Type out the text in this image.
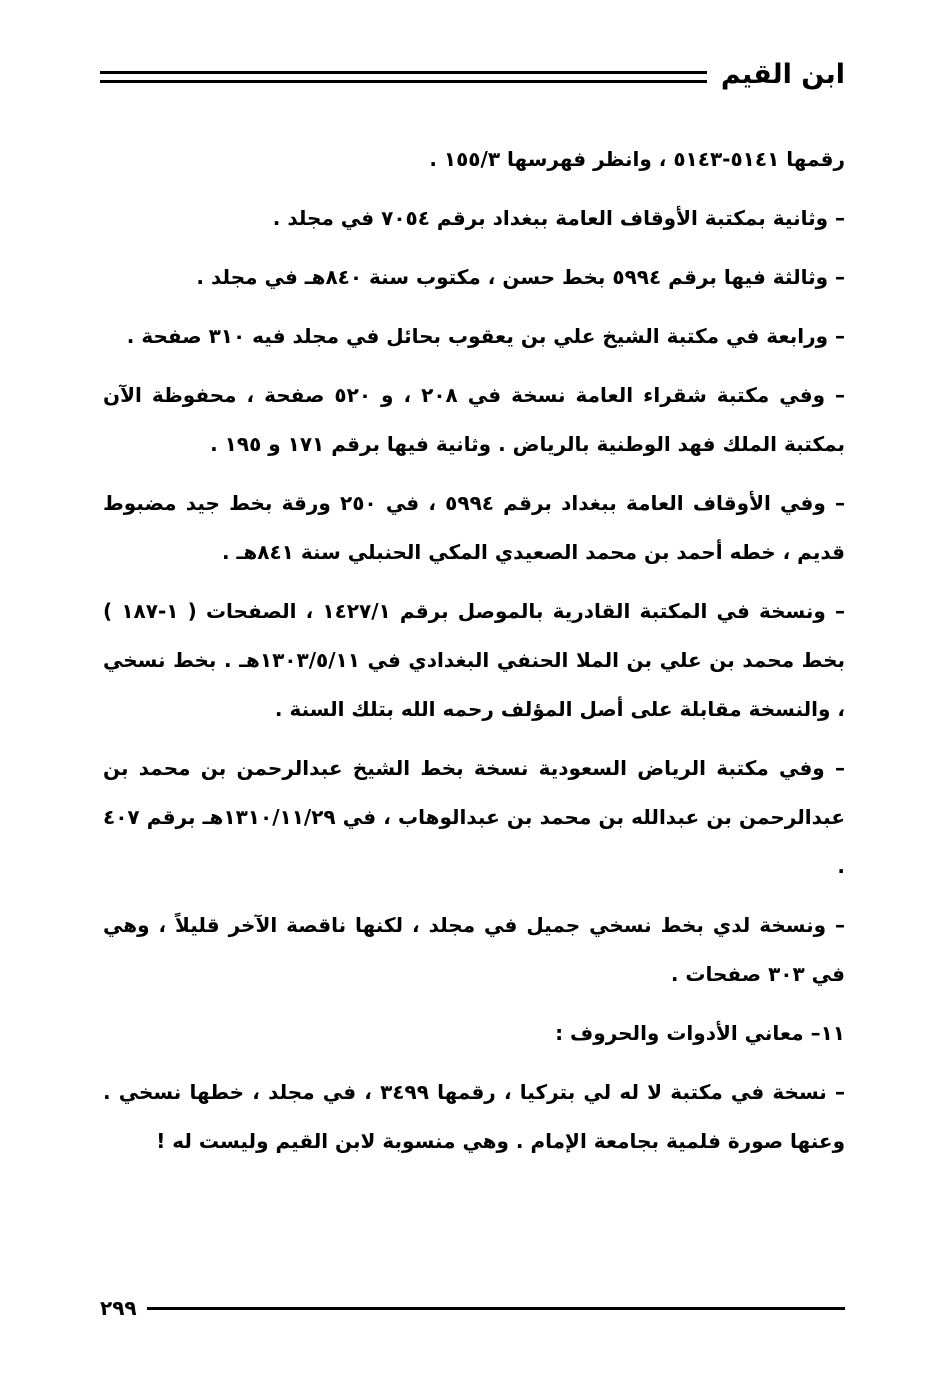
ابن القيم

رقمها ٥١٤١-٥١٤٣ ، وانظر فهرسها ١٥٥/٣ .

– وثانية بمكتبة الأوقاف العامة ببغداد برقم ٧٠٥٤ في مجلد .

– وثالثة فيها برقم ٥٩٩٤ بخط حسن ، مكتوب سنة ٨٤٠هـ في مجلد .

– ورابعة في مكتبة الشيخ علي بن يعقوب بحائل في مجلد فيه ٣١٠ صفحة .

– وفي مكتبة شقراء العامة نسخة في ٢٠٨ ، و ٥٢٠ صفحة ، محفوظة الآن بمكتبة الملك فهد الوطنية بالرياض . وثانية فيها برقم ١٧١ و ١٩٥ .

– وفي الأوقاف العامة ببغداد برقم ٥٩٩٤ ، في ٢٥٠ ورقة بخط جيد مضبوط قديم ، خطه أحمد بن محمد الصعيدي المكي الحنبلي سنة ٨٤١هـ .

– ونسخة في المكتبة القادرية بالموصل برقم ١٤٢٧/١ ، الصفحات ( ١-١٨٧ ) بخط محمد بن علي بن الملا الحنفي البغدادي في ١٣٠٣/٥/١١هـ . بخط نسخي ، والنسخة مقابلة على أصل المؤلف رحمه الله بتلك السنة .

– وفي مكتبة الرياض السعودية نسخة بخط الشيخ عبدالرحمن بن محمد بن عبدالرحمن بن عبدالله بن محمد بن عبدالوهاب ، في ١٣١٠/١١/٢٩هـ برقم ٤٠٧ .

– ونسخة لدي بخط نسخي جميل في مجلد ، لكنها ناقصة الآخر قليلاً ، وهي في ٣٠٣ صفحات .

١١– معاني الأدوات والحروف :

– نسخة في مكتبة لا له لي بتركيا ، رقمها ٣٤٩٩ ، في مجلد ، خطها نسخي . وعنها صورة فلمية بجامعة الإمام . وهي منسوبة لابن القيم وليست له !

٢٩٩
